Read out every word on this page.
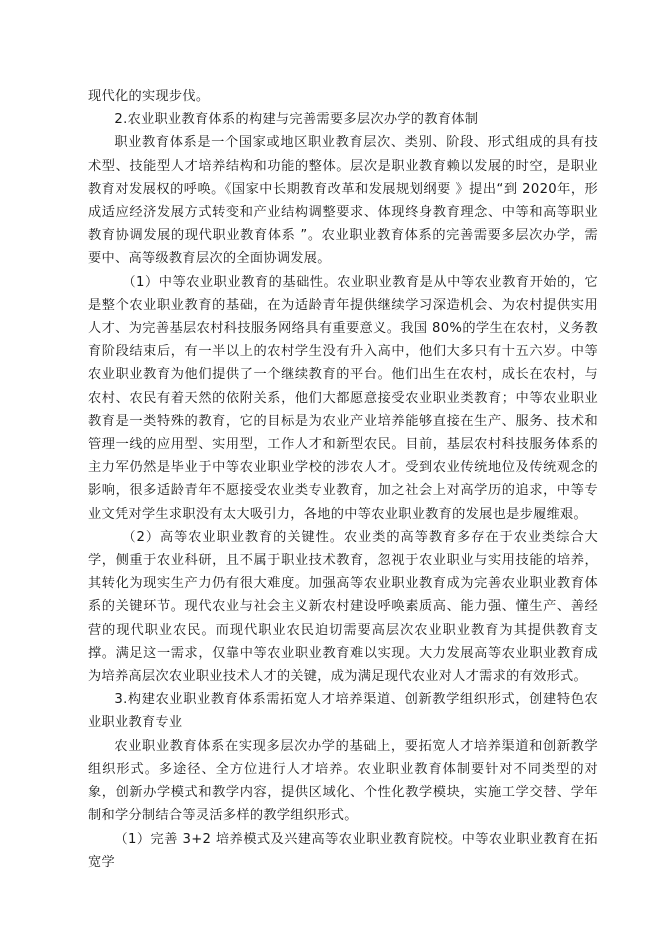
现代化的实现步伐。

2.农业职业教育体系的构建与完善需要多层次办学的教育体制

职业教育体系是一个国家或地区职业教育层次、类别、阶段、形式组成的具有技术型、技能型人才培养结构和功能的整体。层次是职业教育赖以发展的时空，是职业教育对发展权的呼唤。《国家中长期教育改革和发展规划纲要 》提出“到 2020年，形成适应经济发展方式转变和产业结构调整要求、体现终身教育理念、中等和高等职业教育协调发展的现代职业教育体系 ”。农业职业教育体系的完善需要多层次办学，需要中、高等级教育层次的全面协调发展。

（1）中等农业职业教育的基础性。农业职业教育是从中等农业教育开始的，它是整个农业职业教育的基础，在为适龄青年提供继续学习深造机会、为农村提供实用人才、为完善基层农村科技服务网络具有重要意义。我国 80%的学生在农村，义务教育阶段结束后，有一半以上的农村学生没有升入高中，他们大多只有十五六岁。中等农业职业教育为他们提供了一个继续教育的平台。他们出生在农村，成长在农村，与农村、农民有着天然的依附关系，他们大都愿意接受农业职业类教育；中等农业职业教育是一类特殊的教育，它的目标是为农业产业培养能够直接在生产、服务、技术和管理一线的应用型、实用型，工作人才和新型农民。目前，基层农村科技服务体系的主力军仍然是毕业于中等农业职业学校的涉农人才。受到农业传统地位及传统观念的影响，很多适龄青年不愿接受农业类专业教育，加之社会上对高学历的追求，中等专业文凭对学生求职没有太大吸引力，各地的中等农业职业教育的发展也是步履维艰。

（2）高等农业职业教育的关键性。农业类的高等教育多存在于农业类综合大学，侧重于农业科研，且不属于职业技术教育，忽视于农业职业与实用技能的培养，其转化为现实生产力仍有很大难度。加强高等农业职业教育成为完善农业职业教育体系的关键环节。现代农业与社会主义新农村建设呼唤素质高、能力强、懂生产、善经营的现代职业农民。而现代职业农民迫切需要高层次农业职业教育为其提供教育支撑。满足这一需求，仅靠中等农业职业教育难以实现。大力发展高等农业职业教育成为培养高层次农业职业技术人才的关键，成为满足现代农业对人才需求的有效形式。

3.构建农业职业教育体系需拓宽人才培养渠道、创新教学组织形式，创建特色农业职业教育专业

农业职业教育体系在实现多层次办学的基础上，要拓宽人才培养渠道和创新教学组织形式。多途径、全方位进行人才培养。农业职业教育体制要针对不同类型的对象，创新办学模式和教学内容，提供区域化、个性化教学模块，实施工学交替、学年制和学分制结合等灵活多样的教学组织形式。

（1）完善 3+2 培养模式及兴建高等农业职业教育院校。中等农业职业教育在拓宽学
